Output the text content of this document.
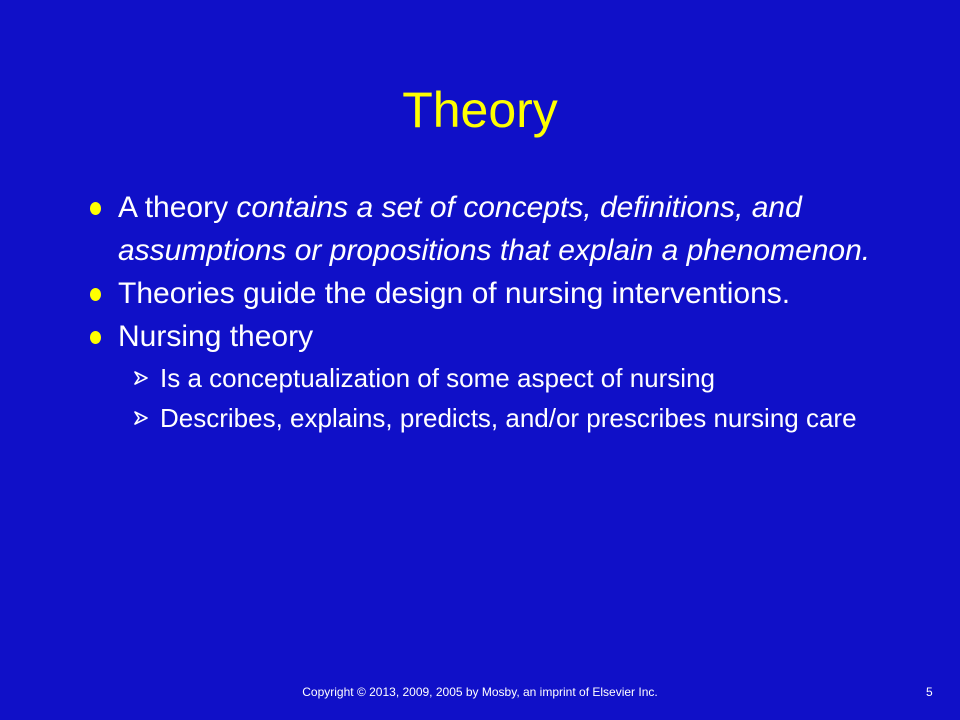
Theory
A theory contains a set of concepts, definitions, and assumptions or propositions that explain a phenomenon.
Theories guide the design of nursing interventions.
Nursing theory
Is a conceptualization of some aspect of nursing
Describes, explains, predicts, and/or prescribes nursing care
Copyright © 2013, 2009, 2005 by Mosby, an imprint of Elsevier Inc.	5
